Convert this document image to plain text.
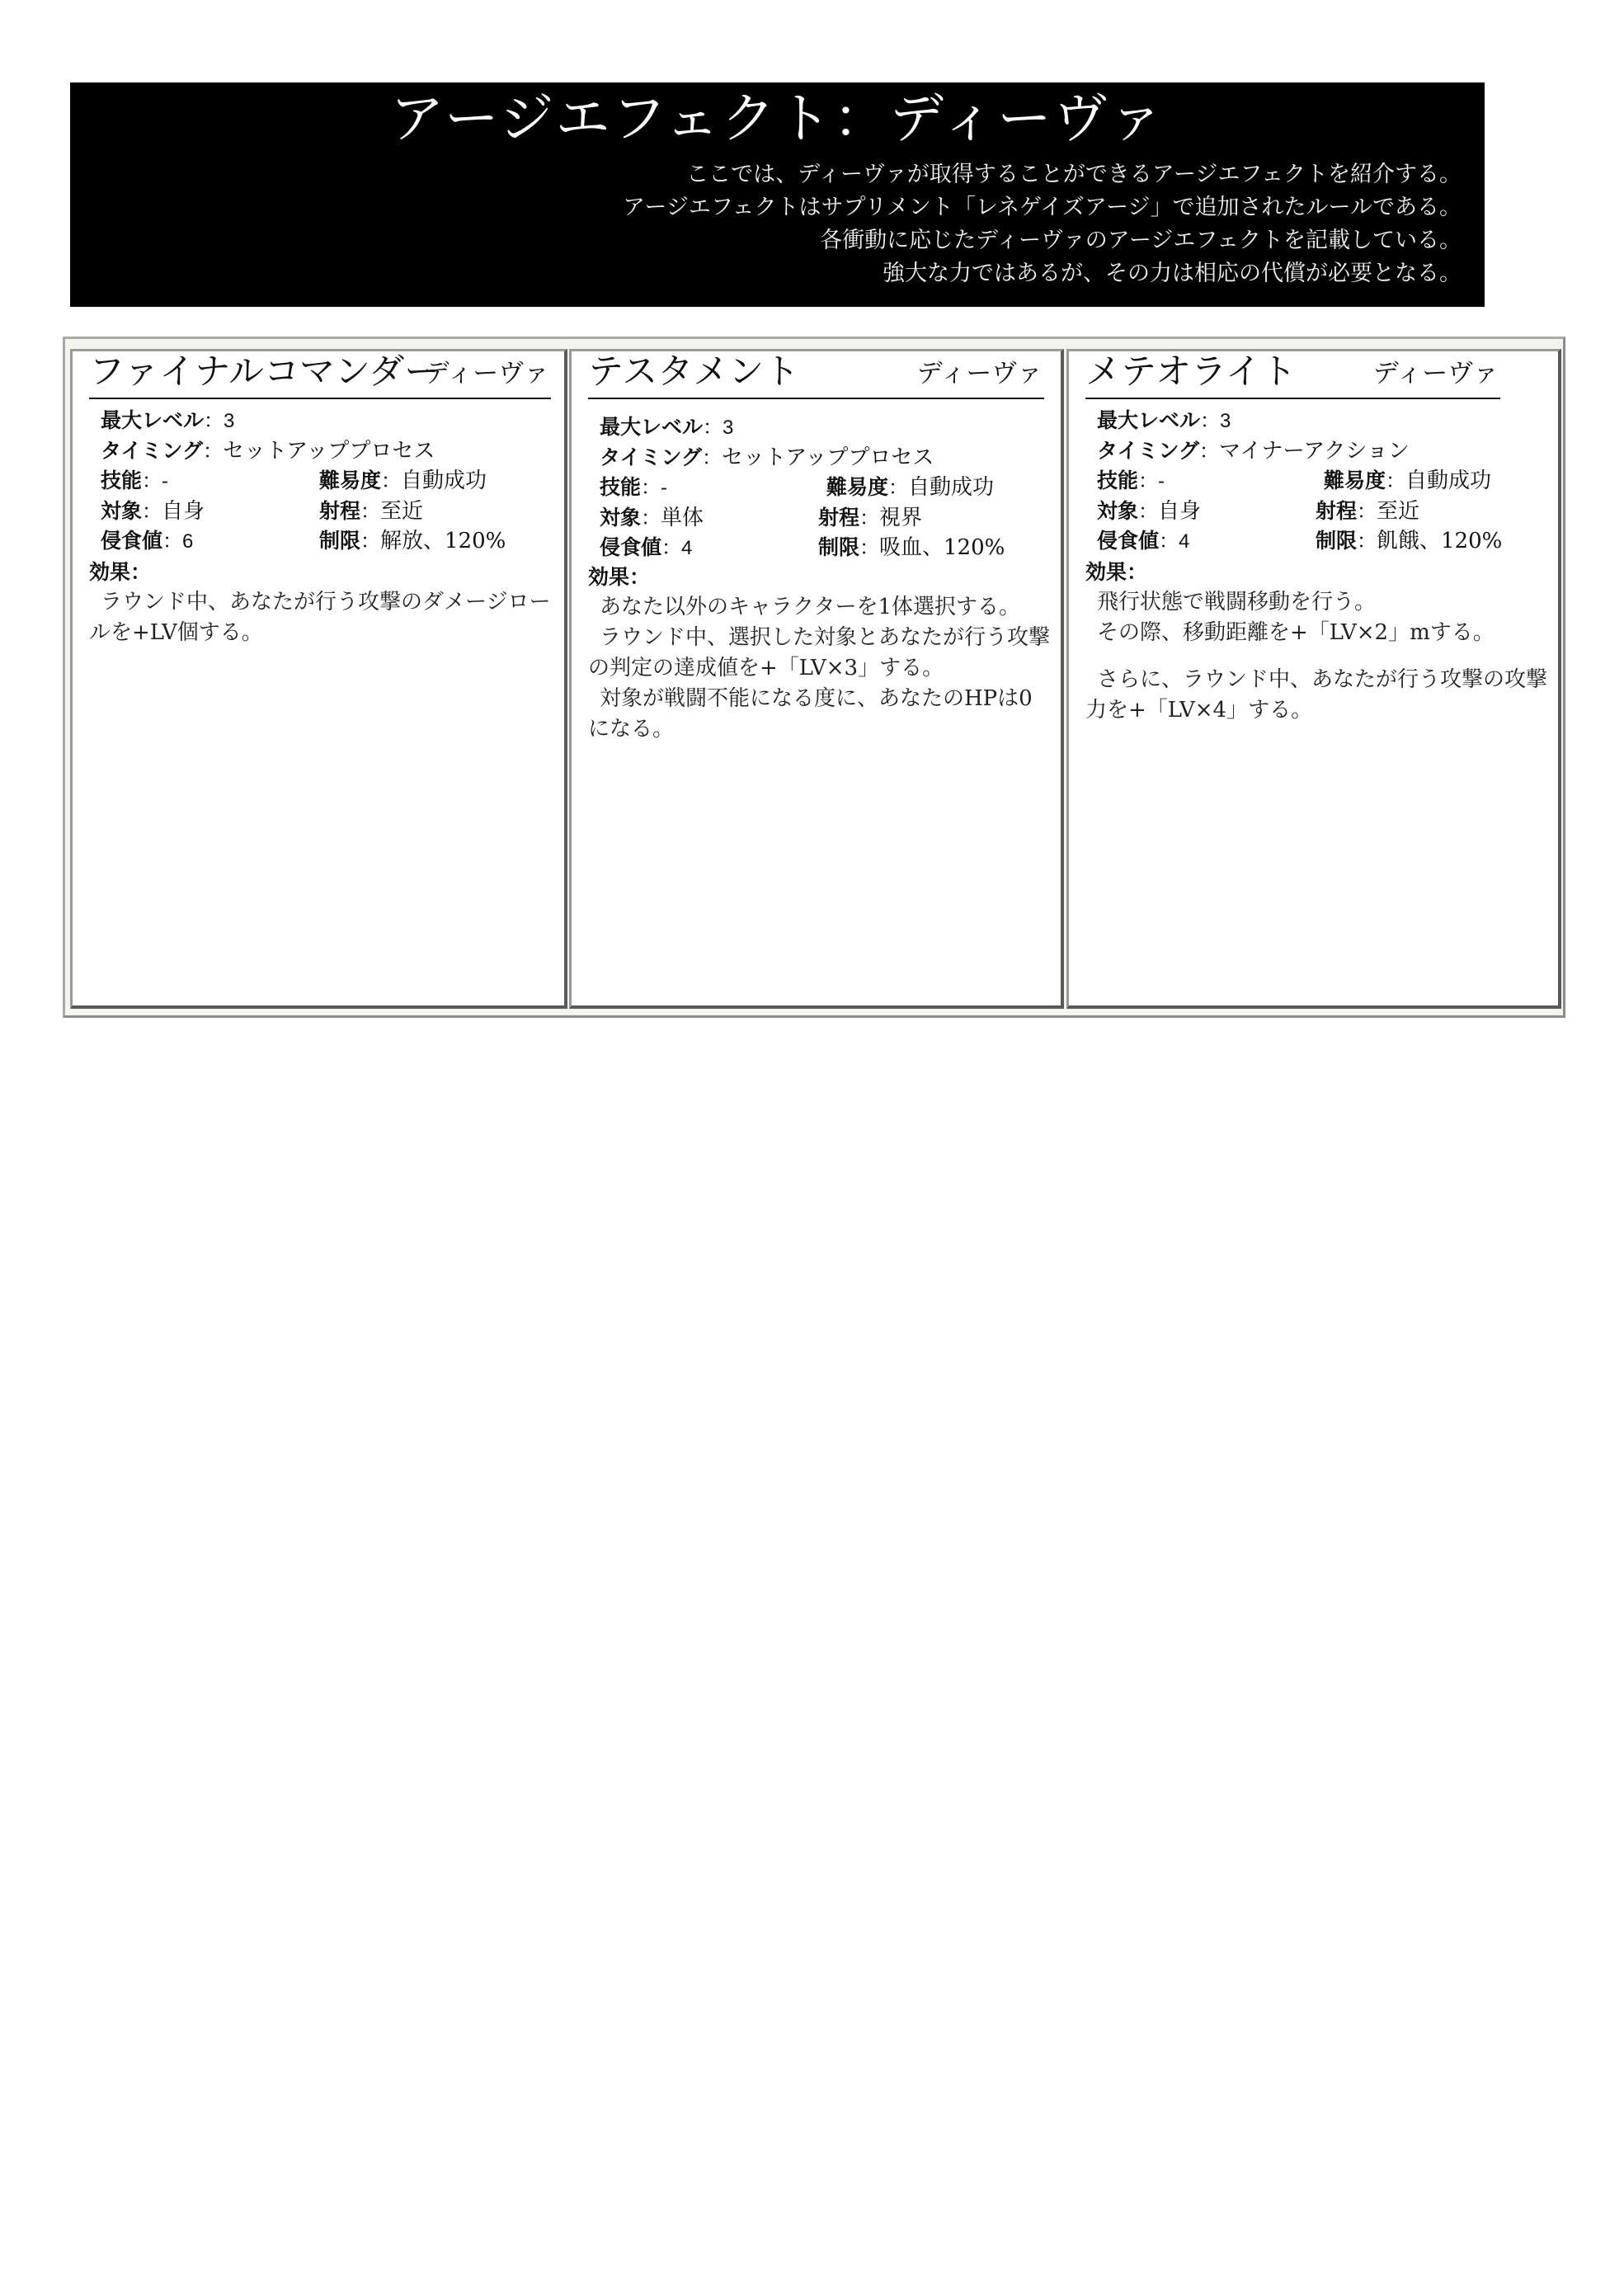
アージエフェクト：ディーヴァ
ここでは、ディーヴァが取得することができるアージエフェクトを紹介する。
アージエフェクトはサプリメント「レネゲイズアージ」で追加されたルールである。
各衝動に応じたディーヴァのアージエフェクトを記載している。
強大な力ではあるが、その力は相応の代償が必要となる。
ファイナルコマンダー
ディーヴァ
最大レベル：3
タイミング：セットアッププロセス
技能：-	難易度：自動成功
対象：自身	射程：至近
侵食値：6	制限：解放、120%
効果：

ラウンド中、あなたが行う攻撃のダメージロールを+LV個する。

テスタメント	ディーヴァ
最大レベル：3
タイミング：セットアッププロセス
技能：-	難易度：自動成功
対象：単体	射程：視界
侵食値：4	制限：吸血、120%
効果：

あなた以外のキャラクターを1体選択する。

ラウンド中、選択した対象とあなたが行う攻撃の判定の達成値を+「LV×3」する。

対象が戦闘不能になる度に、あなたのHPは0になる。

メテオライト	ディーヴァ
最大レベル：3
タイミング：マイナーアクション
技能：-	難易度：自動成功
対象：自身	射程：至近
侵食値：4	制限：飢餓、120%
効果：

飛行状態で戦闘移動を行う。

その際、移動距離を+「LV×2」mする。

さらに、ラウンド中、あなたが行う攻撃の攻撃力を+「LV×4」する。
